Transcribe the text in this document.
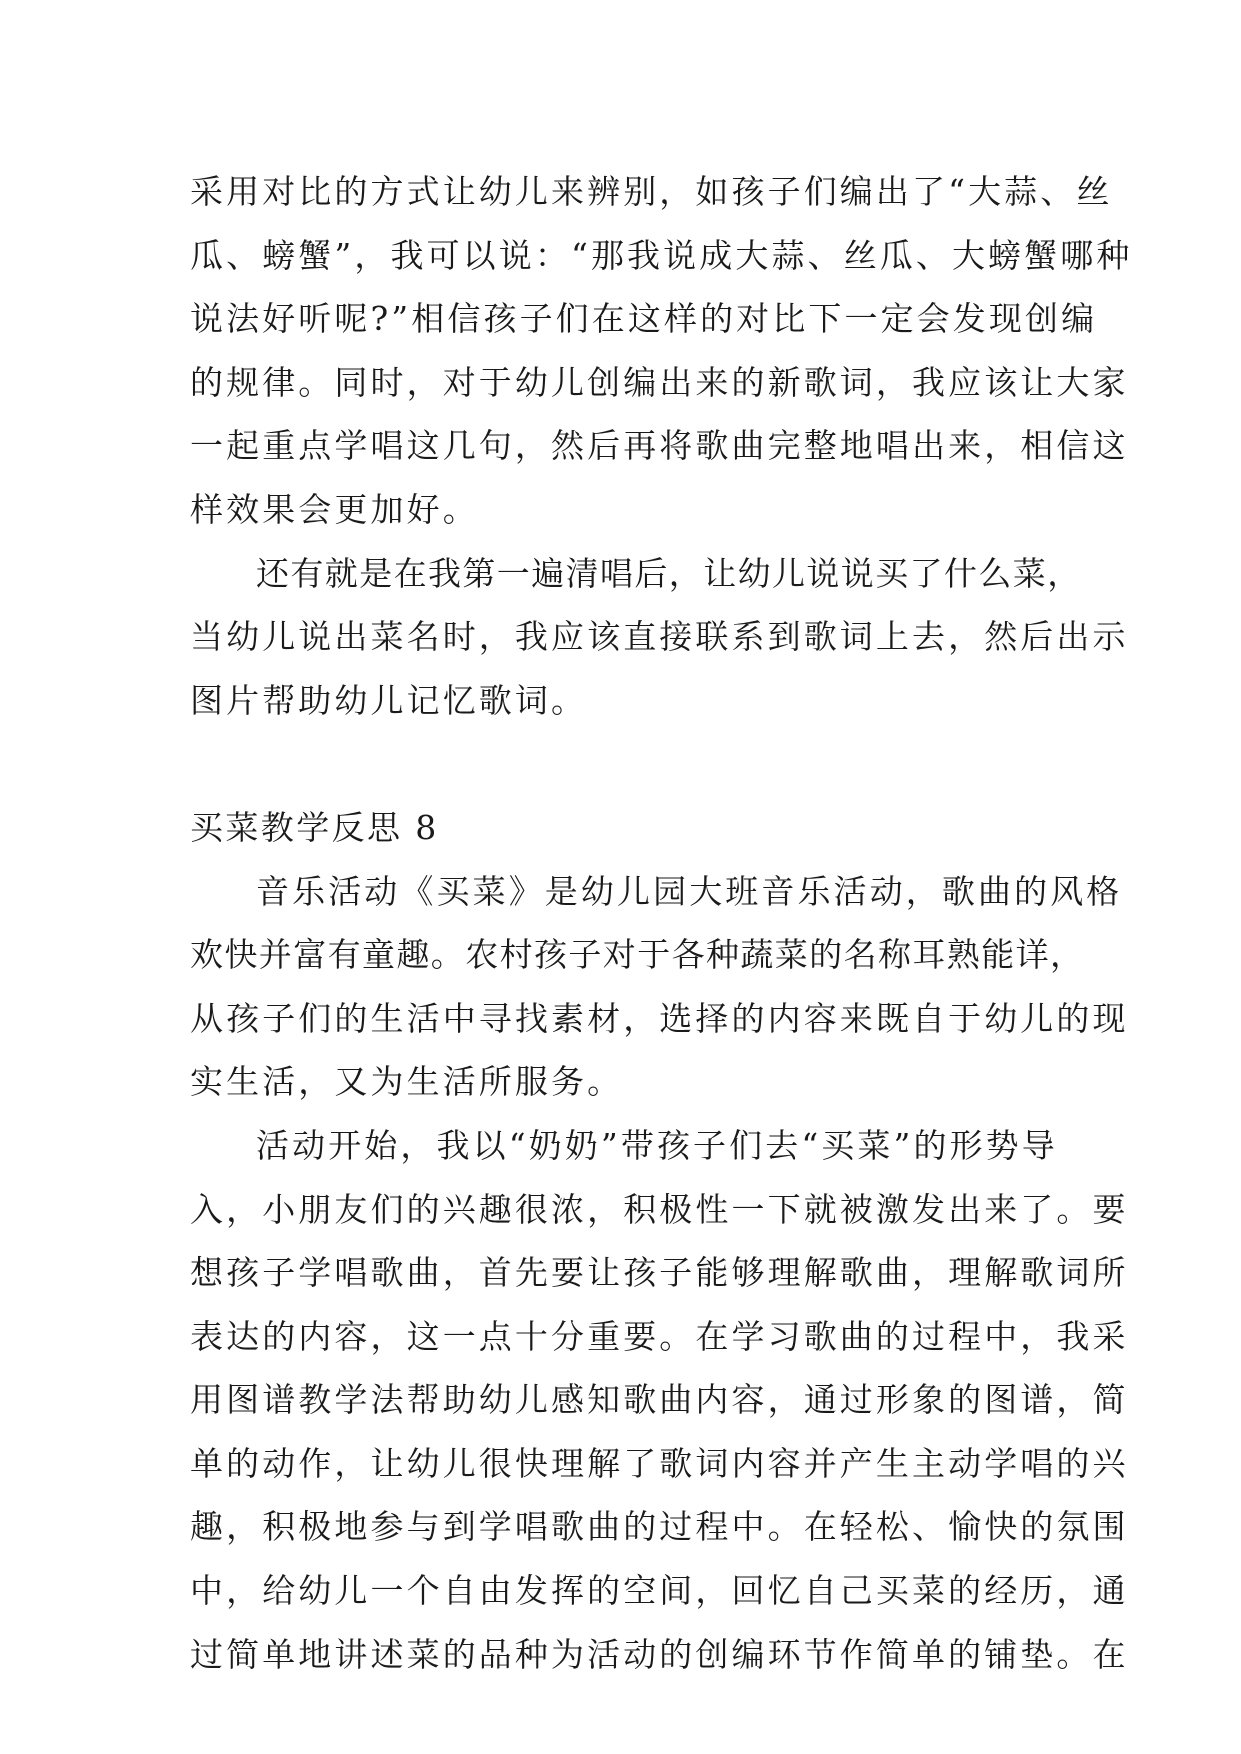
采用对比的方式让幼儿来辨别，如孩子们编出了“大蒜、丝
瓜、螃蟹”，我可以说：“那我说成大蒜、丝瓜、大螃蟹哪种
说法好听呢?”相信孩子们在这样的对比下一定会发现创编
的规律。同时，对于幼儿创编出来的新歌词，我应该让大家
一起重点学唱这几句，然后再将歌曲完整地唱出来，相信这
样效果会更加好。
还有就是在我第一遍清唱后，让幼儿说说买了什么菜，
当幼儿说出菜名时，我应该直接联系到歌词上去，然后出示
图片帮助幼儿记忆歌词。
买菜教学反思 8
音乐活动《买菜》是幼儿园大班音乐活动，歌曲的风格
欢快并富有童趣。农村孩子对于各种蔬菜的名称耳熟能详，
从孩子们的生活中寻找素材，选择的内容来既自于幼儿的现
实生活，又为生活所服务。
活动开始，我以“奶奶”带孩子们去“买菜”的形势导
入，小朋友们的兴趣很浓，积极性一下就被激发出来了。要
想孩子学唱歌曲，首先要让孩子能够理解歌曲，理解歌词所
表达的内容，这一点十分重要。在学习歌曲的过程中，我采
用图谱教学法帮助幼儿感知歌曲内容，通过形象的图谱，简
单的动作，让幼儿很快理解了歌词内容并产生主动学唱的兴
趣，积极地参与到学唱歌曲的过程中。在轻松、愉快的氛围
中，给幼儿一个自由发挥的空间，回忆自己买菜的经历，通
过简单地讲述菜的品种为活动的创编环节作简单的铺垫。在
